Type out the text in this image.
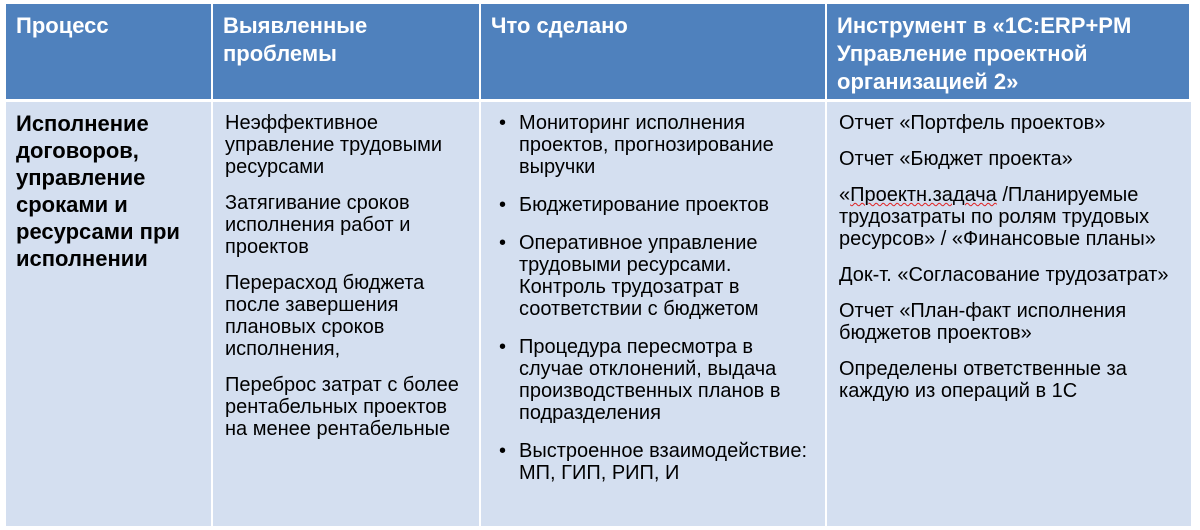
Процесс	Выявленные проблемы
Что сделано	Инструмент в «1С:ERP+PM Управление проектной организацией 2»
Исполнение договоров, управление сроками и ресурсами при исполнении
Неэффективное управление трудовыми ресурсами
Затягивание сроков исполнения работ и проектов
Перерасход бюджета после завершения плановых сроков исполнения,
Переброс затрат с более рентабельных проектов на менее рентабельные
• Мониторинг исполнения проектов, прогнозирование выручки
• Бюджетирование проектов
• Оперативное управление трудовыми ресурсами. Контроль трудозатрат в соответствии с бюджетом
• Процедура пересмотра в случае отклонений, выдача производственных планов в подразделения
• Выстроенное взаимодействие: МП, ГИП, РИП, И
Отчет «Портфель проектов»
Отчет «Бюджет проекта»
«Проектн.задача /Планируемые трудозатраты по ролям трудовых ресурсов» / «Финансовые планы»
Док-т. «Согласование трудозатрат»
Отчет «План-факт исполнения бюджетов проектов»
Определены ответственные за каждую из операций в 1С
